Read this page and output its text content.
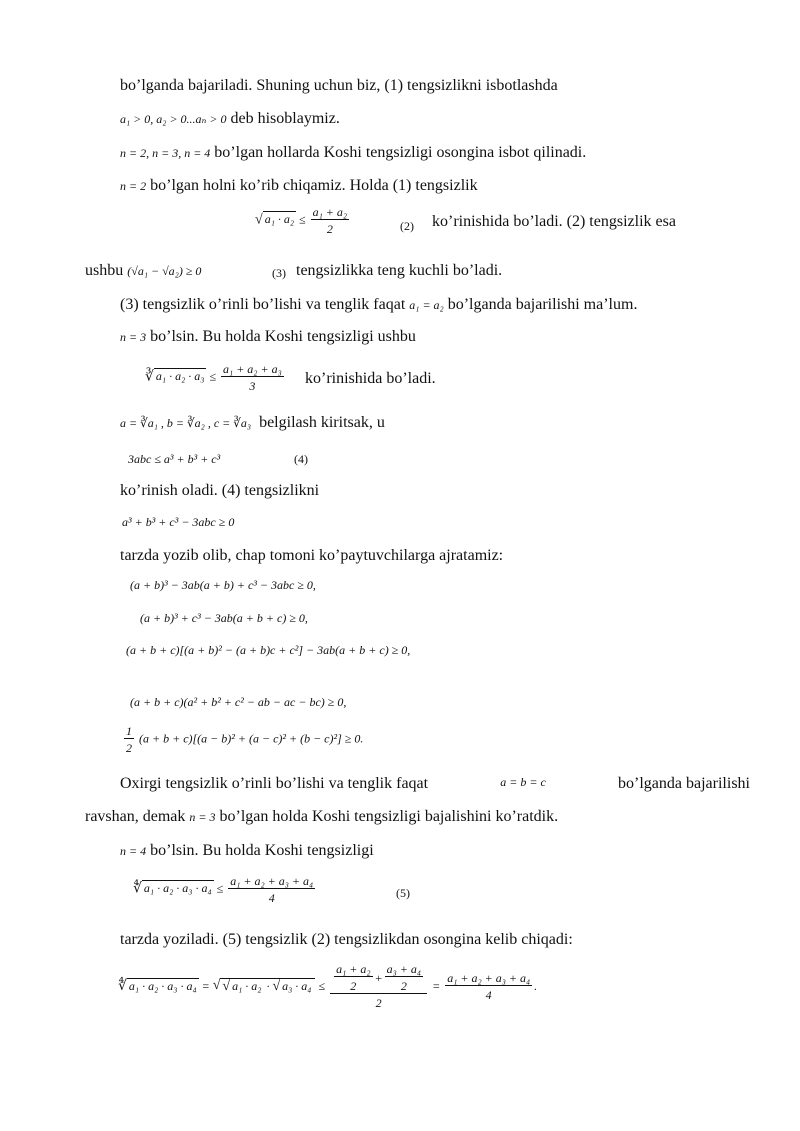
bo’lganda bajariladi. Shuning uchun biz, (1) tengsizlikni isbotlashda
a₁ > 0, a₂ > 0...aₙ > 0 deb hisoblaymiz.
n = 2, n = 3, n = 4 bo’lgan hollarda Koshi tengsizligi osongina isbot qilinadi.
n = 2 bo’lgan holni ko’rib chiqamiz. Holda (1) tengsizlik
√ $a_1 \cdot a_2 \le \frac{\text{a₁ + a₂}}{2}$	(2) ko’rinishida bo’ladi. (2) tengsizlik esa
ushbu (√a₁ − √a₂) ≥ 0	(3) tengsizlikka teng kuchli bo’ladi.
(3) tengsizlik o’rinli bo’lishi va tenglik faqat a₁ = a₂ bo’lganda bajarilishi ma’lum.
n = 3 bo’lsin. Bu holda Koshi tengsizligi ushbu
∛ $a_1 \cdot a_2 \cdot a_3 \le \frac{\text{a₁ + a₂ + a₃}}{3}$ ko’rinishida bo’ladi.
a = ∛a₁ , b = ∛a₂ , c = ∛a₃ belgilash kiritsak, u
3abc ≤ a³ + b³ + c³	(4)
ko’rinish oladi. (4) tengsizlikni
a³ + b³ + c³ − 3abc ≥ 0
tarzda yozib olib, chap tomoni ko’paytuvchilarga ajratamiz:
(a + b)³ − 3ab(a + b) + c³ − 3abc ≥ 0,
(a + b)³ + c³ − 3ab(a + b + c) ≥ 0,
(a + b + c)[(a + b)² − (a + b)c + c²] − 3ab(a + b + c) ≥ 0,
(a + b + c)(a² + b² + c² − ab − ac − bc) ≥ 0,
$\frac{1}{2} (a + b + c)[(a - b)^2 + (a - c)^2 + (b - c)^2] \ge 0$.
Oxirgi tengsizlik o’rinli bo’lishi va tenglik faqat	a = b = c	bo’lganda bajarilishi
ravshan, demak n = 3 bo’lgan holda Koshi tengsizligi bajalishini ko’ratdik.
n = 4 bo’lsin. Bu holda Koshi tengsizligi
∜ $a_1 \cdot a_2 \cdot a_3 \cdot a_4 \le \frac{\text{a₁ + a₂ + a₃ + a₄}}{4}$	(5)
tarzda yoziladi. (5) tengsizlik (2) tengsizlikdan osongina kelib chiqadi:
∜ a₁ · a₂ · a₃ · a₄ = √ √ a₁ · a₂ · √ $a_3 \cdot a_4 \le \frac{\text{a₁ + a₂}}{2} + \frac{\text{a₃ + a₄}}{2}$
2
= $\frac{\text{a₁ + a₂ + a₃ + a₄}}{4}$ .
